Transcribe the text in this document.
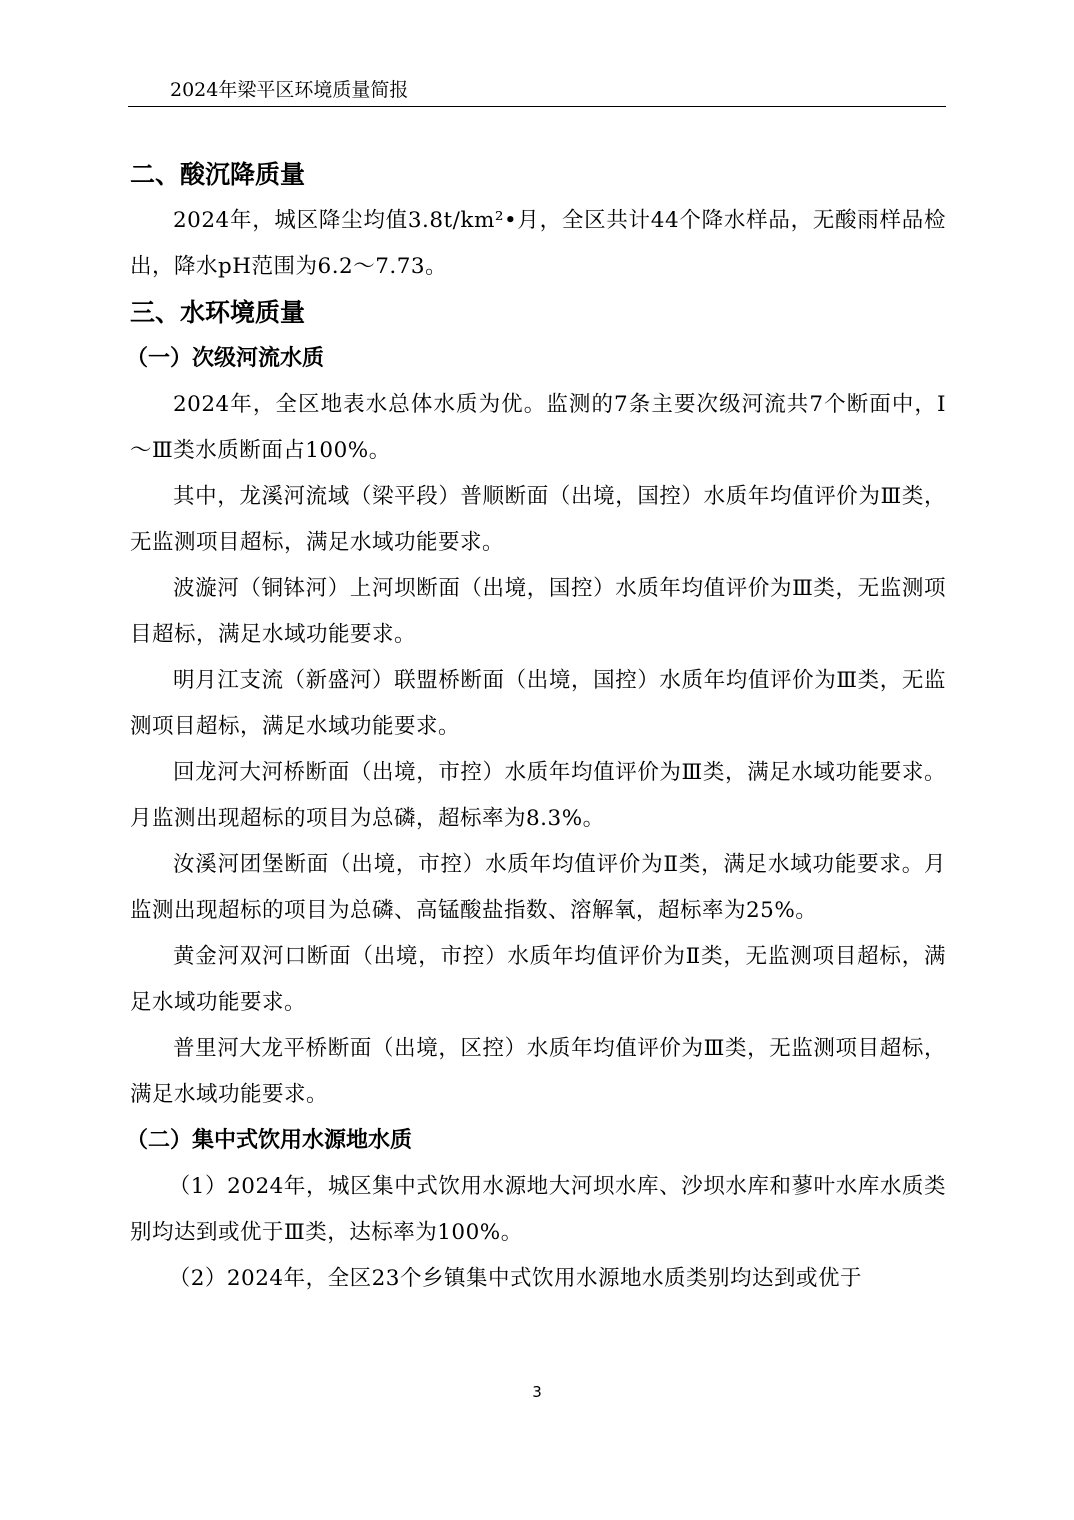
2024年梁平区环境质量简报
二、酸沉降质量

2024年，城区降尘均值3.8t/km²•月，全区共计44个降水样品，无酸雨样品检出，降水pH范围为6.2～7.73。

三、水环境质量
（一）次级河流水质

2024年，全区地表水总体水质为优。监测的7条主要次级河流共7个断面中，Ⅰ～Ⅲ类水质断面占100%。

其中，龙溪河流域（梁平段）普顺断面（出境，国控）水质年均值评价为Ⅲ类，无监测项目超标，满足水域功能要求。

波漩河（铜钵河）上河坝断面（出境，国控）水质年均值评价为Ⅲ类，无监测项目超标，满足水域功能要求。

明月江支流（新盛河）联盟桥断面（出境，国控）水质年均值评价为Ⅲ类，无监测项目超标，满足水域功能要求。

回龙河大河桥断面（出境，市控）水质年均值评价为Ⅲ类，满足水域功能要求。月监测出现超标的项目为总磷，超标率为8.3%。

汝溪河团堡断面（出境，市控）水质年均值评价为Ⅱ类，满足水域功能要求。月监测出现超标的项目为总磷、高锰酸盐指数、溶解氧，超标率为25%。

黄金河双河口断面（出境，市控）水质年均值评价为Ⅱ类，无监测项目超标，满足水域功能要求。

普里河大龙平桥断面（出境，区控）水质年均值评价为Ⅲ类，无监测项目超标，满足水域功能要求。

（二）集中式饮用水源地水质

（1）2024年，城区集中式饮用水源地大河坝水库、沙坝水库和蓼叶水库水质类别均达到或优于Ⅲ类，达标率为100%。

（2）2024年，全区23个乡镇集中式饮用水源地水质类别均达到或优于

3
